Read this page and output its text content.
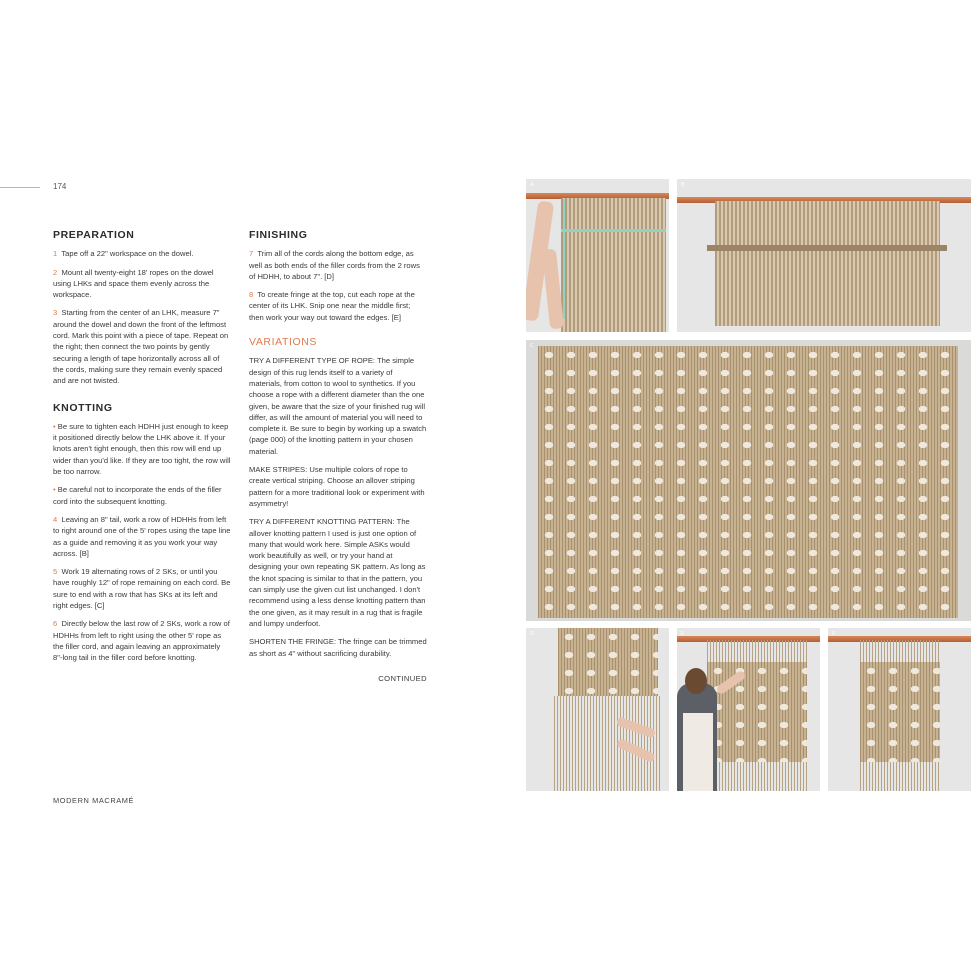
174
PREPARATION

1 Tape off a 22" workspace on the dowel.

2 Mount all twenty-eight 18' ropes on the dowel using LHKs and space them evenly across the workspace.

3 Starting from the center of an LHK, measure 7" around the dowel and down the front of the leftmost cord. Mark this point with a piece of tape. Repeat on the right; then connect the two points by gently securing a length of tape horizontally across all of the cords, making sure they remain evenly spaced and are not twisted.

KNOTTING

• Be sure to tighten each HDHH just enough to keep it positioned directly below the LHK above it. If your knots aren't tight enough, then this row will end up wider than you'd like. If they are too tight, the row will be too narrow.

• Be careful not to incorporate the ends of the filler cord into the subsequent knotting.

4 Leaving an 8" tail, work a row of HDHHs from left to right around one of the 5' ropes using the tape line as a guide and removing it as you work your way across. [B]

5 Work 19 alternating rows of 2 SKs, or until you have roughly 12" of rope remaining on each cord. Be sure to end with a row that has SKs at its left and right edges. [C]

6 Directly below the last row of 2 SKs, work a row of HDHHs from left to right using the other 5' rope as the filler cord, and again leaving an approximately 8"-long tail in the filler cord before knotting.

FINISHING

7 Trim all of the cords along the bottom edge, as well as both ends of the filler cords from the 2 rows of HDHH, to about 7". [D]

8 To create fringe at the top, cut each rope at the center of its LHK. Snip one near the middle first; then work your way out toward the edges. [E]

VARIATIONS

TRY A DIFFERENT TYPE OF ROPE: The simple design of this rug lends itself to a variety of materials, from cotton to wool to synthetics. If you choose a rope with a different diameter than the one given, be aware that the size of your finished rug will differ, as will the amount of material you will need to complete it. Be sure to begin by working up a swatch (page 000) of the knotting pattern in your chosen material.

MAKE STRIPES: Use multiple colors of rope to create vertical striping. Choose an allover striping pattern for a more traditional look or experiment with asymmetry!

TRY A DIFFERENT KNOTTING PATTERN: The allover knotting pattern I used is just one option of many that would work here. Simple ASKs would work beautifully as well, or try your hand at designing your own repeating SK pattern. As long as the knot spacing is similar to that in the pattern, you can simply use the given cut list unchanged. I don't recommend using a less dense knotting pattern than the one given, as it may result in a rug that is fragile and lumpy underfoot.

SHORTEN THE FRINGE: The fringe can be trimmed as short as 4" without sacrificing durability.

CONTINUED
MODERN MACRAMÉ
A	B
C
D	E	F
